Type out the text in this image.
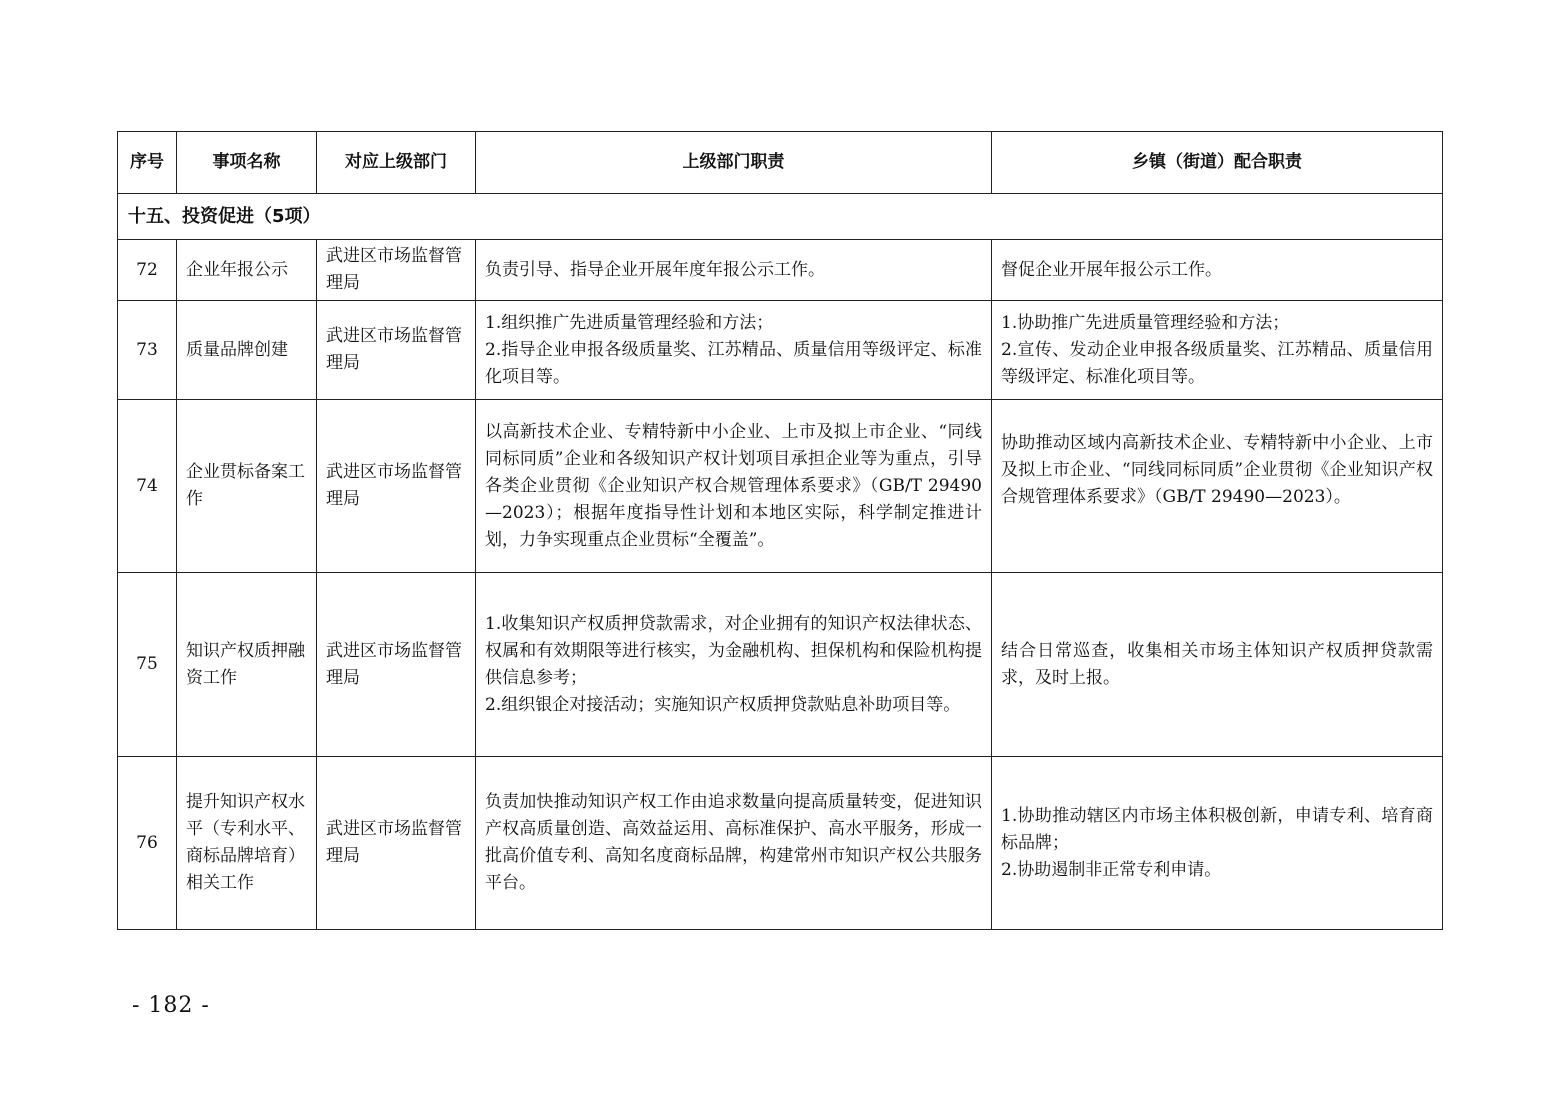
序号	事项名称	对应上级部门	上级部门职责	乡镇（街道）配合职责
十五、投资促进（5项）				
72	企业年报公示	武进区市场监督管理局	负责引导、指导企业开展年度年报公示工作。	督促企业开展年报公示工作。

73	质量品牌创建	武进区市场监督管理局	1.组织推广先进质量管理经验和方法；
2.指导企业申报各级质量奖、江苏精品、质量信用等级评定、标准化项目等。	1.协助推广先进质量管理经验和方法；
2.宣传、发动企业申报各级质量奖、江苏精品、质量信用等级评定、标准化项目等。

74	企业贯标备案工作	武进区市场监督管理局	以高新技术企业、专精特新中小企业、上市及拟上市企业、“同线同标同质”企业和各级知识产权计划项目承担企业等为重点，引导各类企业贯彻《企业知识产权合规管理体系要求》（GB/T 29490—2023）；根据年度指导性计划和本地区实际，科学制定推进计划，力争实现重点企业贯标“全覆盖”。	协助推动区域内高新技术企业、专精特新中小企业、上市及拟上市企业、“同线同标同质”企业贯彻《企业知识产权合规管理体系要求》（GB/T 29490—2023）。

75	知识产权质押融资工作	武进区市场监督管理局	1.收集知识产权质押贷款需求，对企业拥有的知识产权法律状态、权属和有效期限等进行核实，为金融机构、担保机构和保险机构提供信息参考；
2.组织银企对接活动；实施知识产权质押贷款贴息补助项目等。	结合日常巡查，收集相关市场主体知识产权质押贷款需求，及时上报。

76	提升知识产权水平（专利水平、商标品牌培育）相关工作	武进区市场监督管理局	负责加快推动知识产权工作由追求数量向提高质量转变，促进知识产权高质量创造、高效益运用、高标准保护、高水平服务，形成一批高价值专利、高知名度商标品牌，构建常州市知识产权公共服务平台。	1.协助推动辖区内市场主体积极创新，申请专利、培育商标品牌；
2.协助遏制非正常专利申请。
- 182 -
